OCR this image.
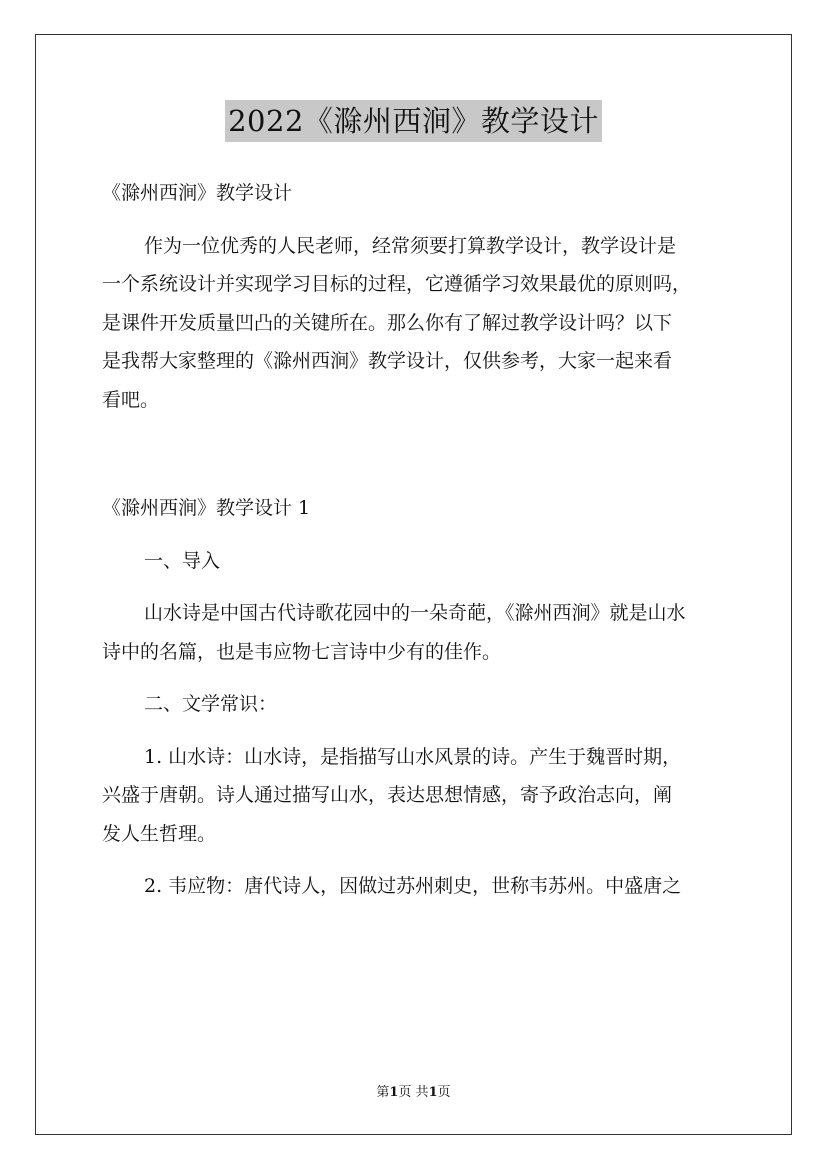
2022《滁州西涧》教学设计

《滁州西涧》教学设计

作为一位优秀的人民老师，经常须要打算教学设计，教学设计是
一个系统设计并实现学习目标的过程，它遵循学习效果最优的原则吗，
是课件开发质量凹凸的关键所在。那么你有了解过教学设计吗？以下
是我帮大家整理的《滁州西涧》教学设计，仅供参考，大家一起来看
看吧。

《滁州西涧》教学设计 1

一、导入

山水诗是中国古代诗歌花园中的一朵奇葩，《滁州西涧》就是山水
诗中的名篇，也是韦应物七言诗中少有的佳作。

二、文学常识：

1. 山水诗：山水诗，是指描写山水风景的诗。产生于魏晋时期，
兴盛于唐朝。诗人通过描写山水，表达思想情感，寄予政治志向，阐
发人生哲理。

2. 韦应物：唐代诗人，因做过苏州刺史，世称韦苏州。中盛唐之

第1页 共1页
